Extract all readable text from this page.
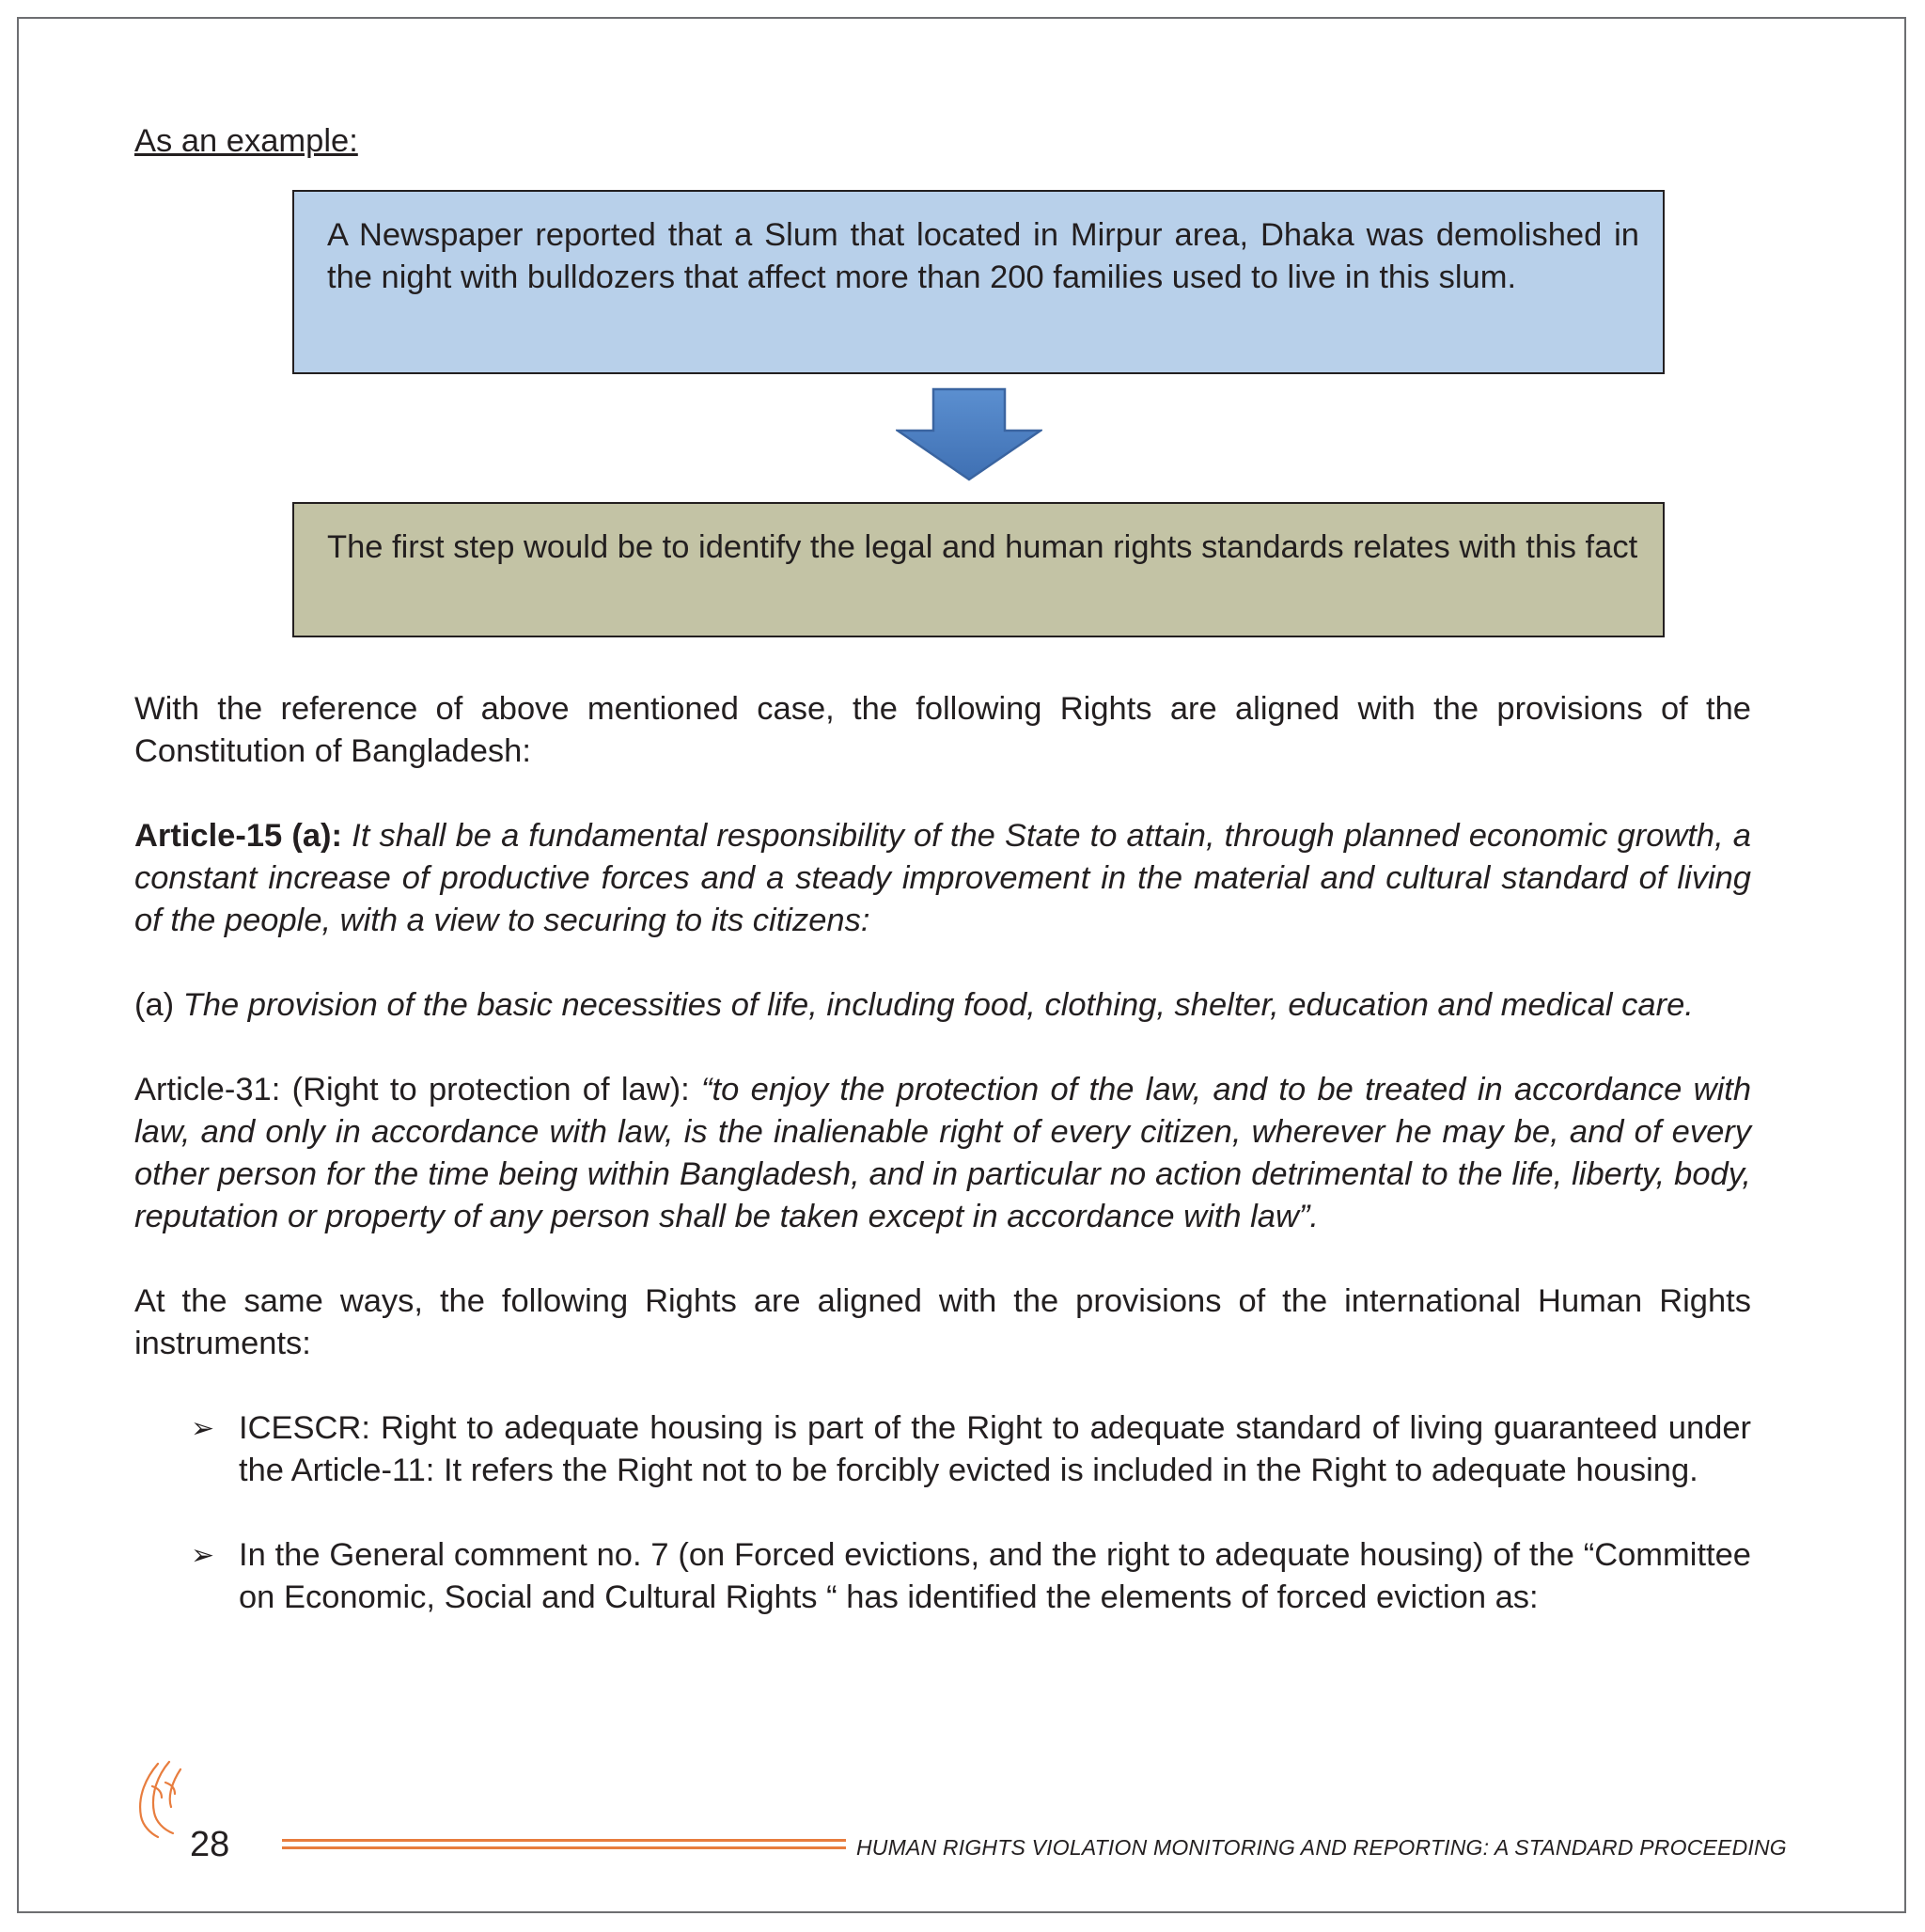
As an example:

A Newspaper reported that a Slum that located in Mirpur area, Dhaka was demolished in the night with bulldozers that affect more than 200 families used to live in this slum.
The first step would be to identify the legal and human rights standards relates with this fact

With the reference of above mentioned case, the following Rights are aligned with the provisions of the Constitution of Bangladesh:

Article-15 (a): It shall be a fundamental responsibility of the State to attain, through planned economic growth, a constant increase of productive forces and a steady improvement in the material and cultural standard of living of the people, with a view to securing to its citizens:

(a) The provision of the basic necessities of life, including food, clothing, shelter, education and medical care.

Article-31: (Right to protection of law): “to enjoy the protection of the law, and to be treated in accordance with law, and only in accordance with law, is the inalienable right of every citizen, wherever he may be, and of every other person for the time being within Bangladesh, and in particular no action detrimental to the life, liberty, body, reputation or property of any person shall be taken except in accordance with law”.

At the same ways, the following Rights are aligned with the provisions of the international Human Rights instruments:

➢ ICESCR: Right to adequate housing is part of the Right to adequate standard of living guaranteed under the Article-11: It refers the Right not to be forcibly evicted is included in the Right to adequate housing.
➢ In the General comment no. 7 (on Forced evictions, and the right to adequate housing) of the “Committee on Economic, Social and Cultural Rights “ has identified the elements of forced eviction as:
28	HUMAN RIGHTS VIOLATION MONITORING AND REPORTING: A STANDARD PROCEEDING
